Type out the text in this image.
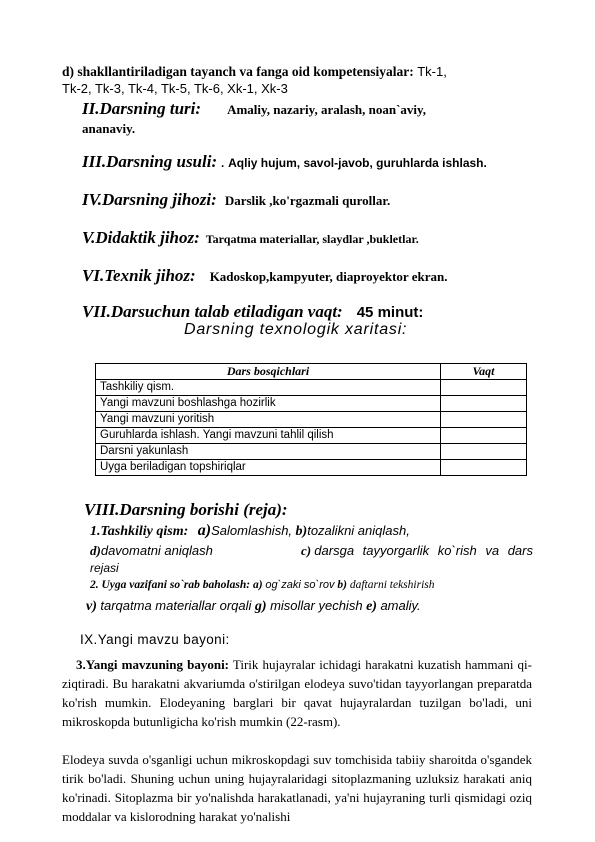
d) shakllantiriladigan tayanch va fanga oid kompetensiyalar: Tk-1,
Tk-2, Tk-3, Tk-4, Tk-5, Tk-6, Xk-1, Xk-3
II.Darsning turi: Amaliy, nazariy, aralash, noan`aviy,
ananaviy.
III.Darsning usuli: . Aqliy hujum, savol-javob, guruhlarda ishlash.
IV.Darsning jihozi: Darslik ,ko'rgazmali qurollar.
V.Didaktik jihoz: Tarqatma materiallar, slaydlar ,bukletlar.
VI.Texnik jihoz: Kadoskop,kampyuter, diaproyektor ekran.
VII.Darsuchun talab etiladigan vaqt: 45 minut:
Darsning texnologik xaritasi:
Dars bosqichlari	Vaqt
Tashkiliy qism.	
Yangi mavzuni boshlashga hozirlik	
Yangi mavzuni yoritish	
Guruhlarda ishlash. Yangi mavzuni tahlil qilish	
Darsni yakunlash	
Uyga beriladigan topshiriqlar	
VIII.Darsning borishi (reja):
1.Tashkiliy qism: a)Salomlashish, b)tozalikni aniqlash,
d)davomatni aniqlash	c) darsga tayyorgarlik ko`rish va dars
rejasi
2. Uyga vazifani so`rab baholash: a) og`zaki so`rov b) daftarni tekshirish
v) tarqatma materiallar orqali g) misollar yechish e) amaliy.
IX.Yangi mavzu bayoni:
3.Yangi mavzuning bayoni: Tirik hujayralar ichidagi harakatni kuzatish hammani qi- ziqtiradi. Bu harakatni akvariumda o'stirilgan elodeya suvo'tidan tayyorlangan preparatda ko'rish mumkin. Elodeyaning barglari bir qavat hujayralardan tuzilgan bo'ladi, uni mikroskopda butunligicha ko'rish mumkin (22-rasm).
Elodeya suvda o'sganligi uchun mikroskopdagi suv tomchisida tabiiy sharoitda o'sgandek tirik bo'ladi. Shuning uchun uning hujayralaridagi sitoplazmaning uzluksiz harakati aniq ko'rinadi. Sitoplazma bir yo'nalishda harakatlanadi, ya'ni hujayraning turli qismidagi oziq moddalar va kislorodning harakat yo'nalishi
